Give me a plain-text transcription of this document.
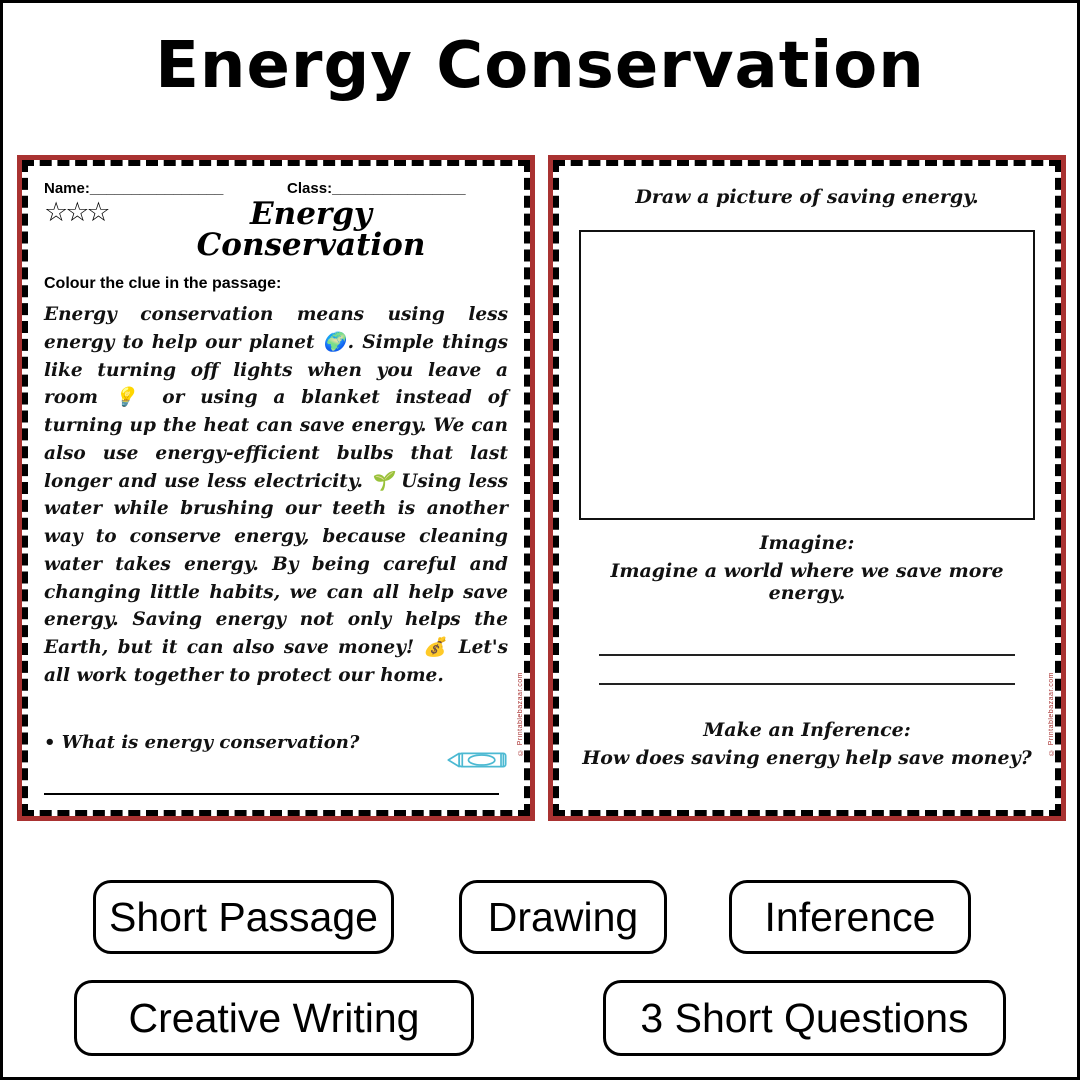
Energy Conservation
Name:________________	Class:________________
☆☆☆	Energy Conservation
Colour the clue in the passage:
Energy conservation means using less energy to help our planet 🌍. Simple things like turning off lights when you leave a room 💡 or using a blanket instead of turning up the heat can save energy. We can also use energy-efficient bulbs that last longer and use less electricity. 🌱 Using less water while brushing our teeth is another way to conserve energy, because cleaning water takes energy. By being careful and changing little habits, we can all help save energy. Saving energy not only helps the Earth, but it can also save money! 💰 Let's all work together to protect our home.
• What is energy conservation?	© Printablebazaar.com
Draw a picture of saving energy.
Imagine:
Imagine a world where we save more energy.
Make an Inference:
How does saving energy help save money?
© Printablebazaar.com
Short Passage	Drawing	Inference
Creative Writing	3 Short Questions
